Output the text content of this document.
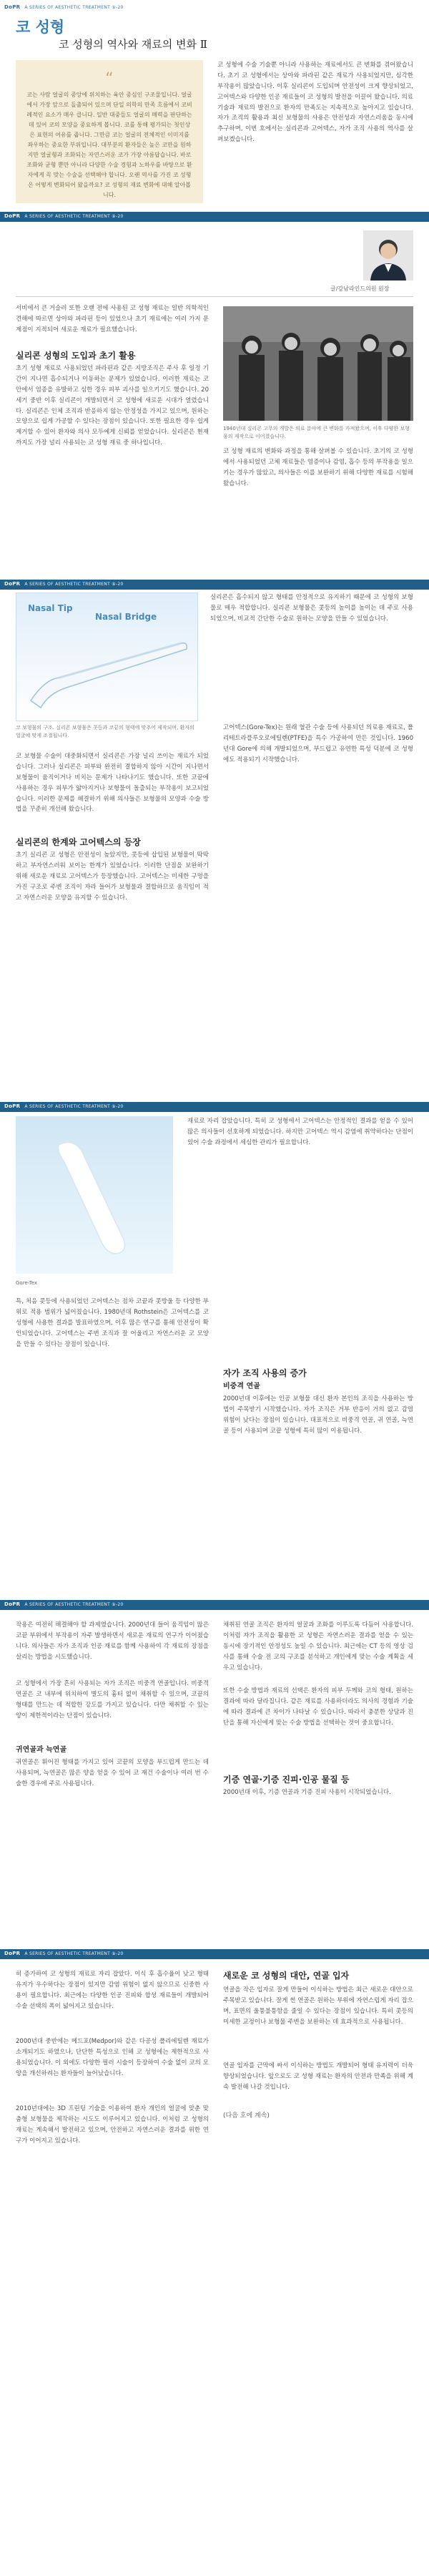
DoPR A SERIES OF AESTHETIC TREATMENT ⑨-20
코 성형
코 성형의 역사와 재료의 변화 Ⅱ
“
코는 사람 얼굴의 중앙에 위치하는 육안 중심인 구조물입니다. 얼굴에서 가장 앞으로 돌출되어 있으며 단일 의학의 만족 흐름에서 코비례적인 요소가 매우 큽니다. 일반 대중들도 얼굴의 매력을 판단하는 데 있어 코의 모양을 중요하게 봅니다. 코를 통해 평가되는 첫인상은 표현의 여유를 줍니다. 그만큼 코는 얼굴의 전체적인 이미지를 좌우하는 중요한 부위입니다. 대부분의 환자들은 높은 코만을 원하지만 얼굴형과 조화되는 자연스러운 코가 가장 아름답습니다. 바로 조화와 균형 뿐만 아니라 다양한 수술 경험과 노하우를 바탕으로 환자에게 꼭 맞는 수술을 선택해야 합니다. 오랜 역사를 가진 코 성형은 어떻게 변화되어 왔을까요? 코 성형의 재료 변화에 대해 알아봅니다.
코 성형에 수술 기술뿐 아니라 사용하는 재료에서도 큰 변화를 겪어왔습니다. 초기 코 성형에서는 상아와 파라핀 같은 재료가 사용되었지만, 심각한 부작용이 많았습니다. 이후 실리콘이 도입되며 안전성이 크게 향상되었고, 고어텍스와 다양한 인공 재료들이 코 성형의 발전을 이끌어 왔습니다. 의료 기술과 재료의 발전으로 환자의 만족도는 지속적으로 높아지고 있습니다. 자가 조직의 활용과 최신 보형물의 사용은 안전성과 자연스러움을 동시에 추구하며, 이번 호에서는 실리콘과 고어텍스, 자가 조직 사용의 역사를 살펴보겠습니다.
DoPR A SERIES OF AESTHETIC TREATMENT ⑨-20
글/강남라인드의원 원장
서비에서 큰 거슬러 또한 오랜 전에 사용된 코 성형 재료는 일반 의학적인 견해에 따르면 상아와 파라핀 등이 있었으나 초기 재료에는 여러 가지 문제점이 지적되어 새로운 재료가 필요했습니다.
실리콘 성형의 도입과 초기 활용
초기 성형 재료로 사용되었던 파라핀과 같은 지방조직은 주사 후 일정 기간이 지나면 흡수되거나 이동하는 문제가 있었습니다. 이러한 재료는 코 안에서 염증을 유발하고 심한 경우 피부 괴사를 일으키기도 했습니다. 20세기 중반 이후 실리콘이 개발되면서 코 성형에 새로운 시대가 열렸습니다. 실리콘은 인체 조직과 반응하지 않는 안정성을 가지고 있으며, 원하는 모양으로 쉽게 가공할 수 있다는 장점이 있습니다. 또한 필요한 경우 쉽게 제거할 수 있어 환자와 의사 모두에게 신뢰를 얻었습니다. 실리콘은 현재까지도 가장 널리 사용되는 코 성형 재료 중 하나입니다.
1940년대 실리콘 고무의 개발은 의료 분야에 큰 변화를 가져왔으며, 이후 다양한 보형물의 제작으로 이어졌습니다.
코 성형 재료의 변화와 과정을 통해 살펴볼 수 있습니다. 초기의 코 성형에서 사용되었던 고체 재료들은 염증이나 감염, 흡수 등의 부작용을 일으키는 경우가 많았고, 의사들은 이를 보완하기 위해 다양한 재료를 시험해 왔습니다.
DoPR A SERIES OF AESTHETIC TREATMENT ⑨-20
Nasal Tip
Nasal Bridge
코 보형물의 구조. 실리콘 보형물은 콧등과 코끝의 형태에 맞추어 제작되며, 환자의 얼굴에 맞게 조절됩니다.
실리콘은 흡수되지 않고 형태를 안정적으로 유지하기 때문에 코 성형의 보형물로 매우 적합합니다. 실리콘 보형물은 콧등의 높이를 높이는 데 주로 사용되었으며, 비교적 간단한 수술로 원하는 모양을 만들 수 있었습니다.
코 보형물 수술이 대중화되면서 실리콘은 가장 널리 쓰이는 재료가 되었습니다. 그러나 실리콘은 피부와 완전히 결합하지 않아 시간이 지나면서 보형물이 움직이거나 비치는 문제가 나타나기도 했습니다. 또한 코끝에 사용하는 경우 피부가 얇아지거나 보형물이 돌출되는 부작용이 보고되었습니다. 이러한 문제를 해결하기 위해 의사들은 보형물의 모양과 수술 방법을 꾸준히 개선해 왔습니다.
고어텍스(Gore-Tex)는 원래 혈관 수술 등에 사용되던 의료용 재료로, 폴리테트라플루오로에틸렌(PTFE)을 특수 가공하여 만든 것입니다. 1960년대 Gore에 의해 개발되었으며, 부드럽고 유연한 특성 덕분에 코 성형에도 적용되기 시작했습니다.
실리콘의 한계와 고어텍스의 등장
초기 실리콘 코 성형은 안전성이 높았지만, 콧등에 삽입된 보형물이 딱딱하고 부자연스러워 보이는 한계가 있었습니다. 이러한 단점을 보완하기 위해 새로운 재료로 고어텍스가 등장했습니다. 고어텍스는 미세한 구멍을 가진 구조로 주변 조직이 자라 들어가 보형물과 결합하므로 움직임이 적고 자연스러운 모양을 유지할 수 있습니다.
DoPR A SERIES OF AESTHETIC TREATMENT ⑨-20
Gore-Tex
재료로 자리 잡았습니다. 특히 코 성형에서 고어텍스는 안정적인 결과를 얻을 수 있어 많은 의사들이 선호하게 되었습니다. 하지만 고어텍스 역시 감염에 취약하다는 단점이 있어 수술 과정에서 세심한 관리가 필요합니다.
특, 처음 콧등에 사용되었던 고어텍스는 점차 코끝과 콧방울 등 다양한 부위로 적용 범위가 넓어졌습니다. 1980년대 Rothstein은 고어텍스를 코 성형에 사용한 결과를 발표하였으며, 이후 많은 연구를 통해 안전성이 확인되었습니다. 고어텍스는 주변 조직과 잘 어울리고 자연스러운 코 모양을 만들 수 있다는 장점이 있습니다.
자가 조직 사용의 증가
비중격 연골
2000년대 이후에는 인공 보형물 대신 환자 본인의 조직을 사용하는 방법이 주목받기 시작했습니다. 자가 조직은 거부 반응이 거의 없고 감염 위험이 낮다는 장점이 있습니다. 대표적으로 비중격 연골, 귀 연골, 늑연골 등이 사용되며 코끝 성형에 특히 많이 이용됩니다.
DoPR A SERIES OF AESTHETIC TREATMENT ⑨-20
작용은 여전히 해결해야 할 과제였습니다. 2000년대 들어 움직임이 많은 코끝 부위에서 부작용이 자주 발생하면서 새로운 재료의 연구가 이어졌습니다. 의사들은 자가 조직과 인공 재료를 함께 사용하여 각 재료의 장점을 살리는 방법을 시도했습니다.
코 성형에서 가장 흔히 사용되는 자가 조직은 비중격 연골입니다. 비중격 연골은 코 내부에 위치하여 별도의 흉터 없이 채취할 수 있으며, 코끝의 형태를 만드는 데 적합한 강도를 가지고 있습니다. 다만 채취할 수 있는 양이 제한적이라는 단점이 있습니다.
귀연골과 늑연골
귀연골은 휘어진 형태를 가지고 있어 코끝의 모양을 부드럽게 만드는 데 사용되며, 늑연골은 많은 양을 얻을 수 있어 코 재건 수술이나 여러 번 수술한 경우에 주로 사용됩니다.
채취된 연골 조직은 환자의 얼굴과 조화를 이루도록 다듬어 사용합니다. 이처럼 자가 조직을 활용한 코 성형은 자연스러운 결과를 얻을 수 있는 동시에 장기적인 안정성도 높일 수 있습니다. 최근에는 CT 등의 영상 검사를 통해 수술 전 코의 구조를 분석하고 개인에게 맞는 수술 계획을 세우고 있습니다.
또한 수술 방법과 재료의 선택은 환자의 피부 두께와 코의 형태, 원하는 결과에 따라 달라집니다. 같은 재료를 사용하더라도 의사의 경험과 기술에 따라 결과에 큰 차이가 나타날 수 있습니다. 따라서 충분한 상담과 진단을 통해 자신에게 맞는 수술 방법을 선택하는 것이 중요합니다.
기증 연골·기증 진피·인공 물질 등
2000년대 이후, 기증 연골과 기증 진피 사용이 시작되었습니다.
DoPR A SERIES OF AESTHETIC TREATMENT ⑨-20
히 증가하여 코 성형의 재료로 자리 잡았다. 이식 후 흡수율이 낮고 형태 유지가 우수하다는 장점이 있지만 감염 위험이 없지 않으므로 신중한 사용이 필요합니다. 최근에는 다양한 인공 진피와 합성 재료들이 개발되어 수술 선택의 폭이 넓어지고 있습니다.
2000년대 중반에는 메드포(Medpor)와 같은 다공성 폴리에틸렌 재료가 소개되기도 하였으나, 단단한 특성으로 인해 코 성형에는 제한적으로 사용되었습니다. 이 외에도 다양한 필러 시술이 등장하여 수술 없이 코의 모양을 개선하려는 환자들이 늘어났습니다.
2010년대에는 3D 프린팅 기술을 이용하여 환자 개인의 얼굴에 맞춘 맞춤형 보형물을 제작하는 시도도 이루어지고 있습니다. 이처럼 코 성형의 재료는 계속해서 발전하고 있으며, 안전하고 자연스러운 결과를 위한 연구가 이어지고 있습니다.
새로운 코 성형의 대안, 연골 입자
연골을 작은 입자로 잘게 만들어 이식하는 방법은 최근 새로운 대안으로 주목받고 있습니다. 잘게 썬 연골은 원하는 부위에 자연스럽게 자리 잡으며, 표면의 울퉁불퉁함을 줄일 수 있다는 장점이 있습니다. 특히 콧등의 미세한 교정이나 보형물 주변을 보완하는 데 효과적으로 사용됩니다.
연골 입자를 근막에 싸서 이식하는 방법도 개발되어 형태 유지력이 더욱 향상되었습니다. 앞으로도 코 성형 재료는 환자의 안전과 만족을 위해 계속 발전해 나갈 것입니다.
(다음 호에 계속)
